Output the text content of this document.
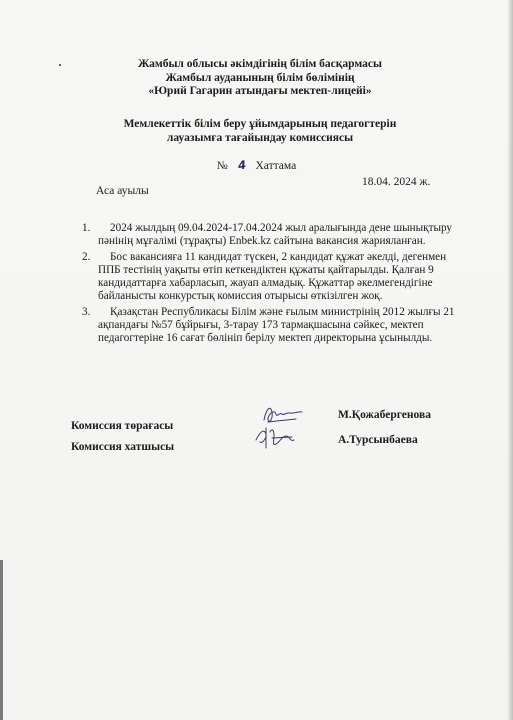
Жамбыл облысы әкімдігінің білім басқармасы
Жамбыл ауданының білім бөлімінің
«Юрий Гагарин атындағы мектеп-лицейі»
Мемлекеттік білім беру ұйымдарының педагогтерін
лауазымға тағайындау комиссиясы
№ 4 Хаттама
Аса ауылы
18.04. 2024 ж.
1.	2024 жылдың 09.04.2024-17.04.2024 жыл аралығында дене шынықтыру
пәнінің мұғалімі (тұрақты) Enbek.kz сайтына вакансия жарияланған.
2.	Бос вакансияға 11 кандидат түскен, 2 кандидат құжат әкелді, дегенмен
ППБ тестінің уақыты өтіп кеткендіктен құжаты қайтарылды. Қалған 9
кандидаттарға хабарласып, жауап алмадық. Құжаттар әкелмегендігіне
байланысты конкурстық комиссия отырысы өткізілген жоқ.
3.	Қазақстан Республикасы Білім және ғылым министрінің 2012 жылғы 21
ақпандағы №57 бұйрығы, 3-тарау 173 тармақшасына сәйкес, мектеп
педагогтеріне 16 сағат бөлініп берілу мектеп директорына ұсынылды.
Комиссия төрағасы
М.Қожабергенова
Комиссия хатшысы
А.Турсынбаева
